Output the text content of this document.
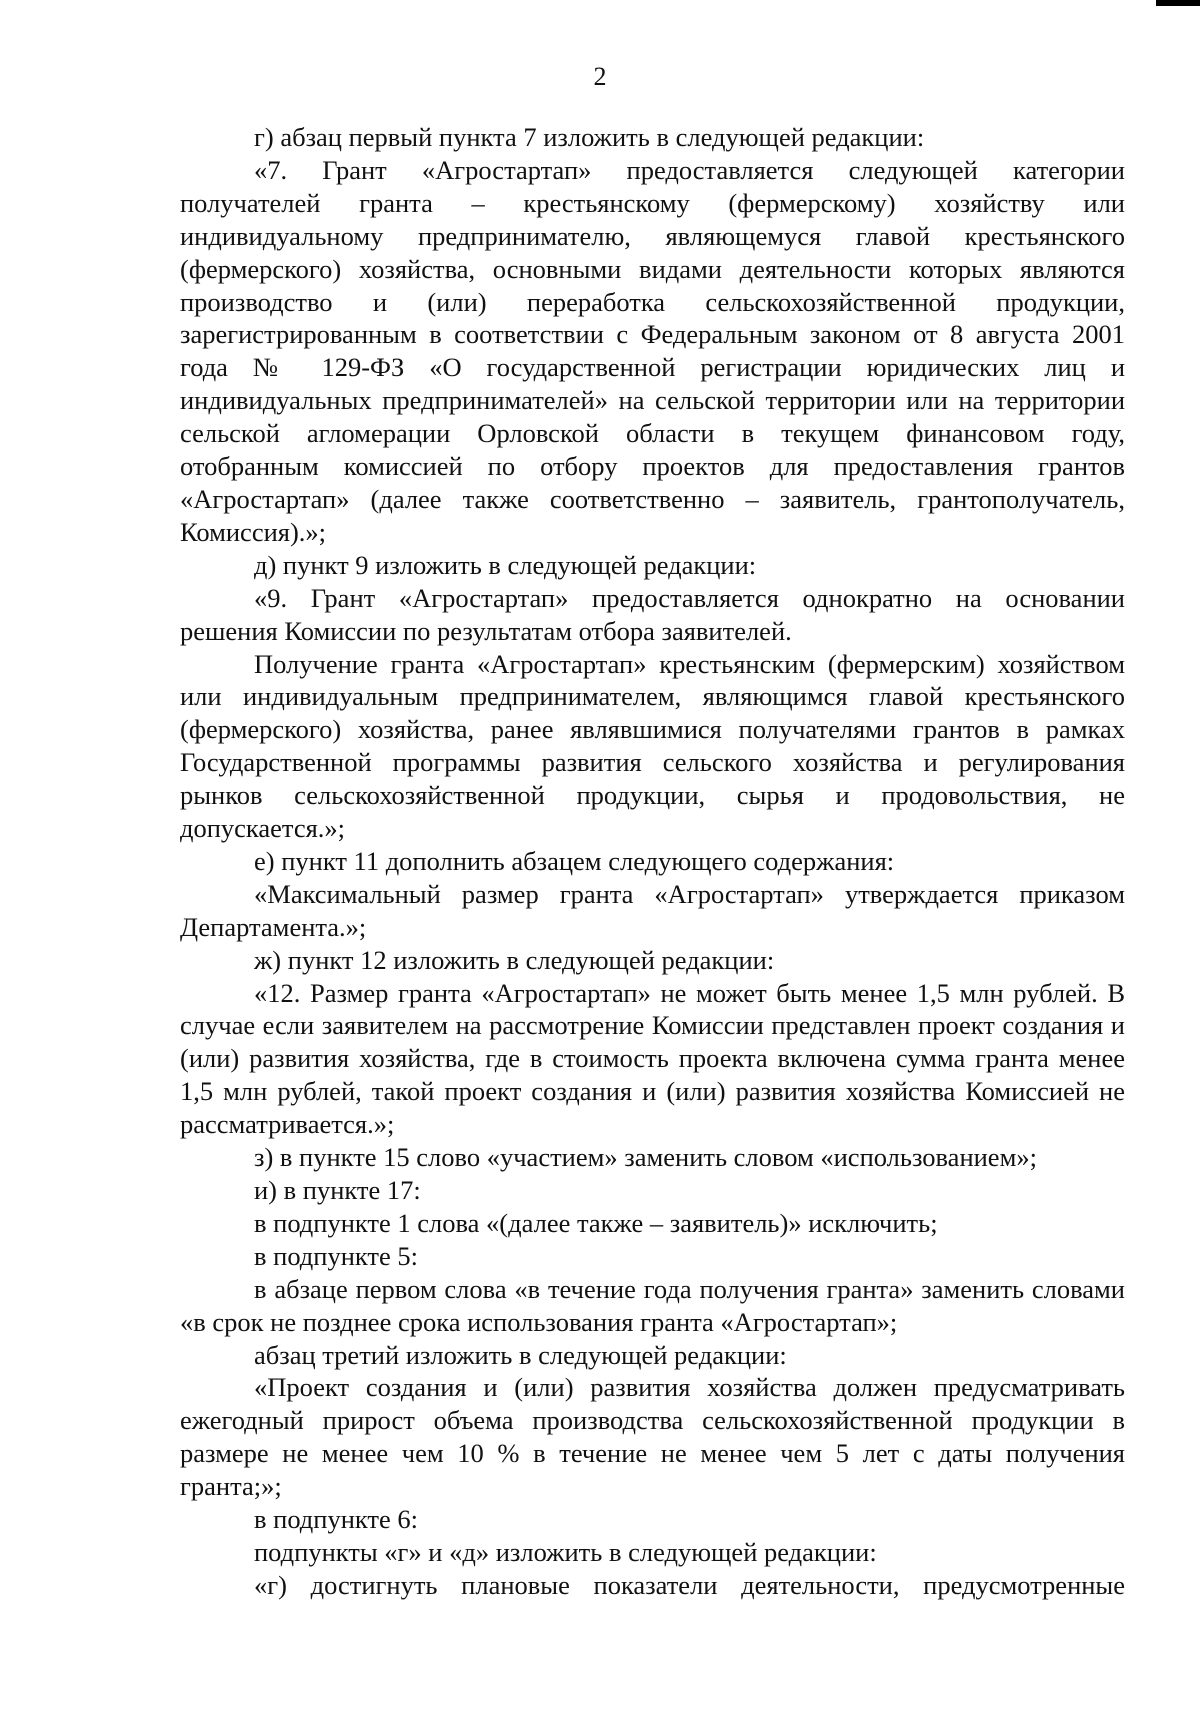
2

г) абзац первый пункта 7 изложить в следующей редакции:

«7. Грант «Агростартап» предоставляется следующей категории получателей гранта – крестьянскому (фермерскому) хозяйству или индивидуальному предпринимателю, являющемуся главой крестьянского (фермерского) хозяйства, основными видами деятельности которых являются производство и (или) переработка сельскохозяйственной продукции, зарегистрированным в соответствии с Федеральным законом от 8 августа 2001 года № 129-ФЗ «О государственной регистрации юридических лиц и индивидуальных предпринимателей» на сельской территории или на территории сельской агломерации Орловской области в текущем финансовом году, отобранным комиссией по отбору проектов для предоставления грантов «Агростартап» (далее также соответственно – заявитель, грантополучатель, Комиссия).»;

д) пункт 9 изложить в следующей редакции:

«9. Грант «Агростартап» предоставляется однократно на основании решения Комиссии по результатам отбора заявителей.

Получение гранта «Агростартап» крестьянским (фермерским) хозяйством или индивидуальным предпринимателем, являющимся главой крестьянского (фермерского) хозяйства, ранее являвшимися получателями грантов в рамках Государственной программы развития сельского хозяйства и регулирования рынков сельскохозяйственной продукции, сырья и продовольствия, не допускается.»;

е) пункт 11 дополнить абзацем следующего содержания:

«Максимальный размер гранта «Агростартап» утверждается приказом Департамента.»;

ж) пункт 12 изложить в следующей редакции:

«12. Размер гранта «Агростартап» не может быть менее 1,5 млн рублей. В случае если заявителем на рассмотрение Комиссии представлен проект создания и (или) развития хозяйства, где в стоимость проекта включена сумма гранта менее 1,5 млн рублей, такой проект создания и (или) развития хозяйства Комиссией не рассматривается.»;

з) в пункте 15 слово «участием» заменить словом «использованием»;

и) в пункте 17:

в подпункте 1 слова «(далее также – заявитель)» исключить;

в подпункте 5:

в абзаце первом слова «в течение года получения гранта» заменить словами «в срок не позднее срока использования гранта «Агростартап»;

абзац третий изложить в следующей редакции:

«Проект создания и (или) развития хозяйства должен предусматривать ежегодный прирост объема производства сельскохозяйственной продукции в размере не менее чем 10 % в течение не менее чем 5 лет с даты получения гранта;»;

в подпункте 6:

подпункты «г» и «д» изложить в следующей редакции:

«г) достигнуть плановые показатели деятельности, предусмотренные
